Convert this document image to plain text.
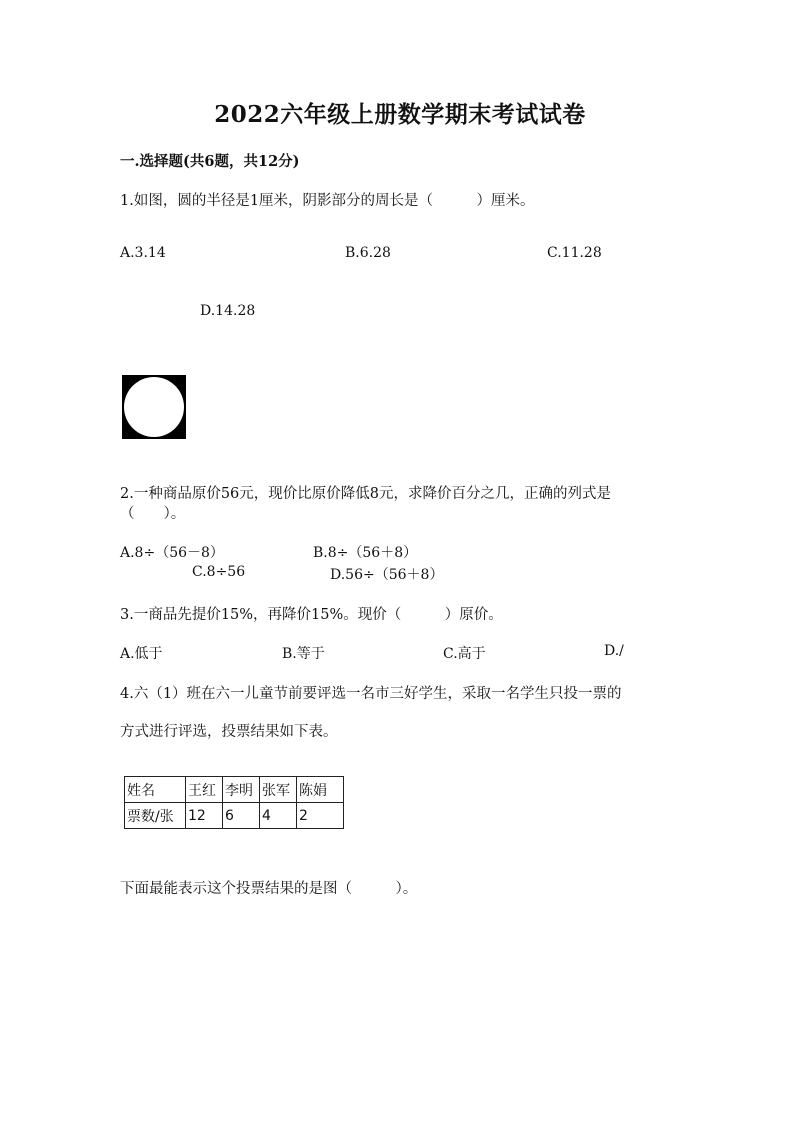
2022六年级上册数学期末考试试卷
一.选择题(共6题，共12分)
1.如图，圆的半径是1厘米，阴影部分的周长是（　　　）厘米。
A.3.14	B.6.28	C.11.28
D.14.28
2.一种商品原价56元，现价比原价降低8元，求降价百分之几，正确的列式是
（　　）。
A.8÷（56－8）	B.8÷（56＋8）
C.8÷56	D.56÷（56＋8）
3.一商品先提价15%，再降价15%。现价（　　　）原价。
A.低于	B.等于	C.高于	D./
4.六（1）班在六一儿童节前要评选一名市三好学生，采取一名学生只投一票的
方式进行评选，投票结果如下表。
姓名	王红	李明	张军	陈娟
票数/张	12	6	4	2
下面最能表示这个投票结果的是图（　　　）。
